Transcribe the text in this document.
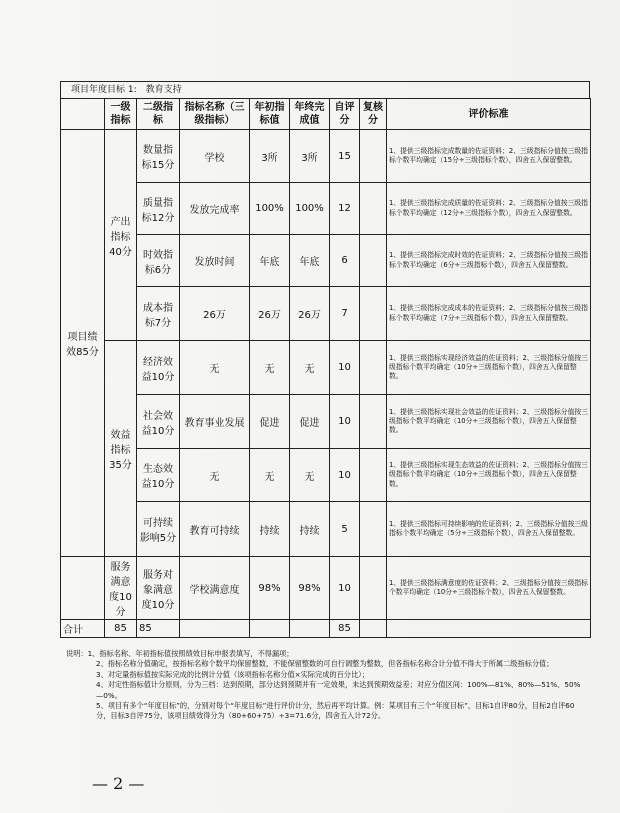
项目年度目标 1:　教育支持
	一级指标	二级指标	指标名称（三级指标）	年初指标值	年终完成值	自评分	复核分	评价标准
项目绩效85分	产出指标40分	数量指标15分	学校	3所	3所	15		1、提供三级指标完成数量的佐证资料；2、三级指标分值按三级指标个数平均确定（15分÷三级指标个数），四舍五入保留整数。
		质量指标12分	发放完成率	100%	100%	12		1、提供三级指标完成质量的佐证资料；2、三级指标分值按三级指标个数平均确定（12分÷三级指标个数），四舍五入保留整数。
		时效指标6分	发放时间	年底	年底	6		1、提供三级指标完成时效的佐证资料；2、三级指标分值按三级指标个数平均确定（6分÷三级指标个数），四舍五入保留整数。
		成本指标7分	26万	26万	26万	7		1、提供三级指标完成成本的佐证资料；2、三级指标分值按三级指标个数平均确定（7分÷三级指标个数），四舍五入保留整数。
	效益指标35分	经济效益10分	无	无	无	10		1、提供三级指标实现经济效益的佐证资料；2、三级指标分值按三级指标个数平均确定（10分÷三级指标个数），四舍五入保留整数。
		社会效益10分	教育事业发展	促进	促进	10		1、提供三级指标实现社会效益的佐证资料；2、三级指标分值按三级指标个数平均确定（10分÷三级指标个数），四舍五入保留整数。
		生态效益10分	无	无	无	10		1、提供三级指标实现生态效益的佐证资料；2、三级指标分值按三级指标个数平均确定（10分÷三级指标个数），四舍五入保留整数。
		可持续影响5分	教育可持续	持续	持续	5		1、提供三级指标可持续影响的佐证资料；2、三级指标分值按三级指标个数平均确定（5分÷三级指标个数），四舍五入保留整数。
	服务满意度10分	服务对象满意度10分	学校满意度	98%	98%	10		1、提供三级指标满意度的佐证资料；2、三级指标分值按三级指标个数平均确定（10分÷三级指标个数），四舍五入保留整数。
合计	85	85				85		
说明：1、指标名称、年初指标值按照绩效目标申报表填写，不得漏项；
2、指标名称分值确定，按指标名称个数平均保留整数，不能保留整数的可自行调整为整数，但各指标名称合计分值不得大于所属二级指标分值；
3、对定量指标值按实际完成的比例计分值（该项指标名称分值×实际完成的百分比）；
4、对定性指标值计分原则，分为三档：达到预期，部分达到预期并有一定效果，未达到预期效益差；对应分值区间：100%—81%、80%—51%、50%—0%。
5、项目有多个“年度目标”的，分别对每个“年度目标”进行评价计分，然后再平均计算。例：某项目有三个“年度目标”，目标1自评80分，目标2自评60分，目标3自评75分，该项目绩效得分为（80+60+75）÷3=71.6分，四舍五入计72分。
— 2 —
